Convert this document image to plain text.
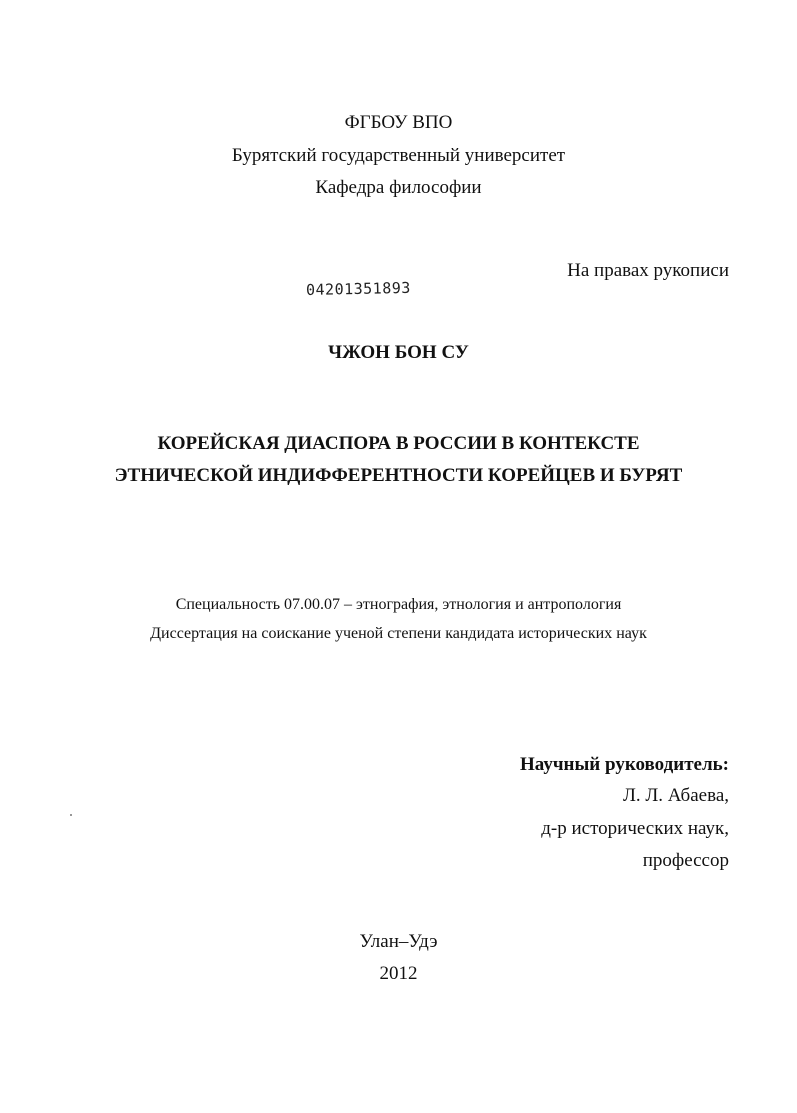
ФГБОУ ВПО
Бурятский государственный университет
Кафедра философии
На правах рукописи
04201351893
ЧЖОН БОН СУ
КОРЕЙСКАЯ ДИАСПОРА В РОССИИ В КОНТЕКСТЕ
ЭТНИЧЕСКОЙ ИНДИФФЕРЕНТНОСТИ КОРЕЙЦЕВ И БУРЯТ
Специальность 07.00.07 – этнография, этнология и антропология
Диссертация на соискание ученой степени кандидата исторических наук
Научный руководитель:
Л. Л. Абаева,
д-р исторических наук,
профессор
Улан–Удэ
2012
